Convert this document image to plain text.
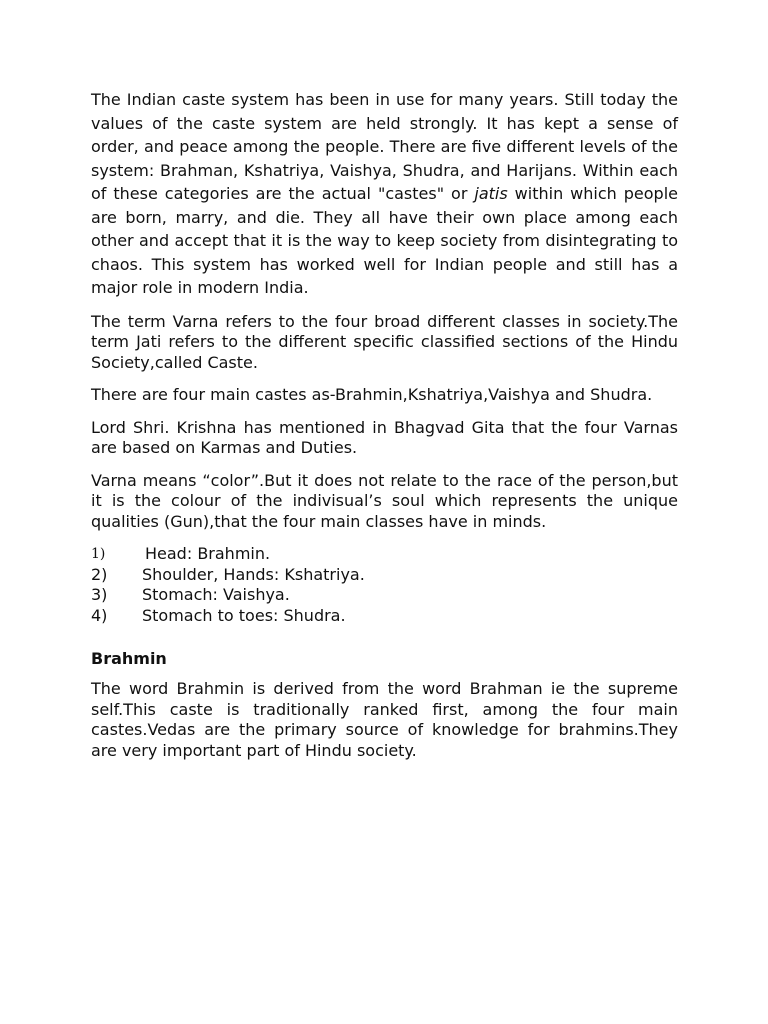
The Indian caste system has been in use for many years. Still today the values of the caste system are held strongly. It has kept a sense of order, and peace among the people. There are five different levels of the system: Brahman, Kshatriya, Vaishya, Shudra, and Harijans. Within each of these categories are the actual "castes" or jatis within which people are born, marry, and die. They all have their own place among each other and accept that it is the way to keep society from disintegrating to chaos. This system has worked well for Indian people and still has a major role in modern India.

The term Varna refers to the four broad different classes in society.The term Jati refers to the different specific classified sections of the Hindu Society,called Caste.

There are four main castes as-Brahmin,Kshatriya,Vaishya and Shudra.

Lord Shri. Krishna has mentioned in Bhagvad Gita that the four Varnas are based on Karmas and Duties.

Varna means “color”.But it does not relate to the race of the person,but it is the colour of the indivisual’s soul which represents the unique qualities (Gun),that the four main classes have in minds.

1)	Head: Brahmin.
2)	Shoulder, Hands: Kshatriya.
3)	Stomach: Vaishya.
4)	Stomach to toes: Shudra.
Brahmin

The word Brahmin is derived from the word Brahman ie the supreme self.This caste is traditionally ranked first, among the four main castes.Vedas are the primary source of knowledge for brahmins.They are very important part of Hindu society.
